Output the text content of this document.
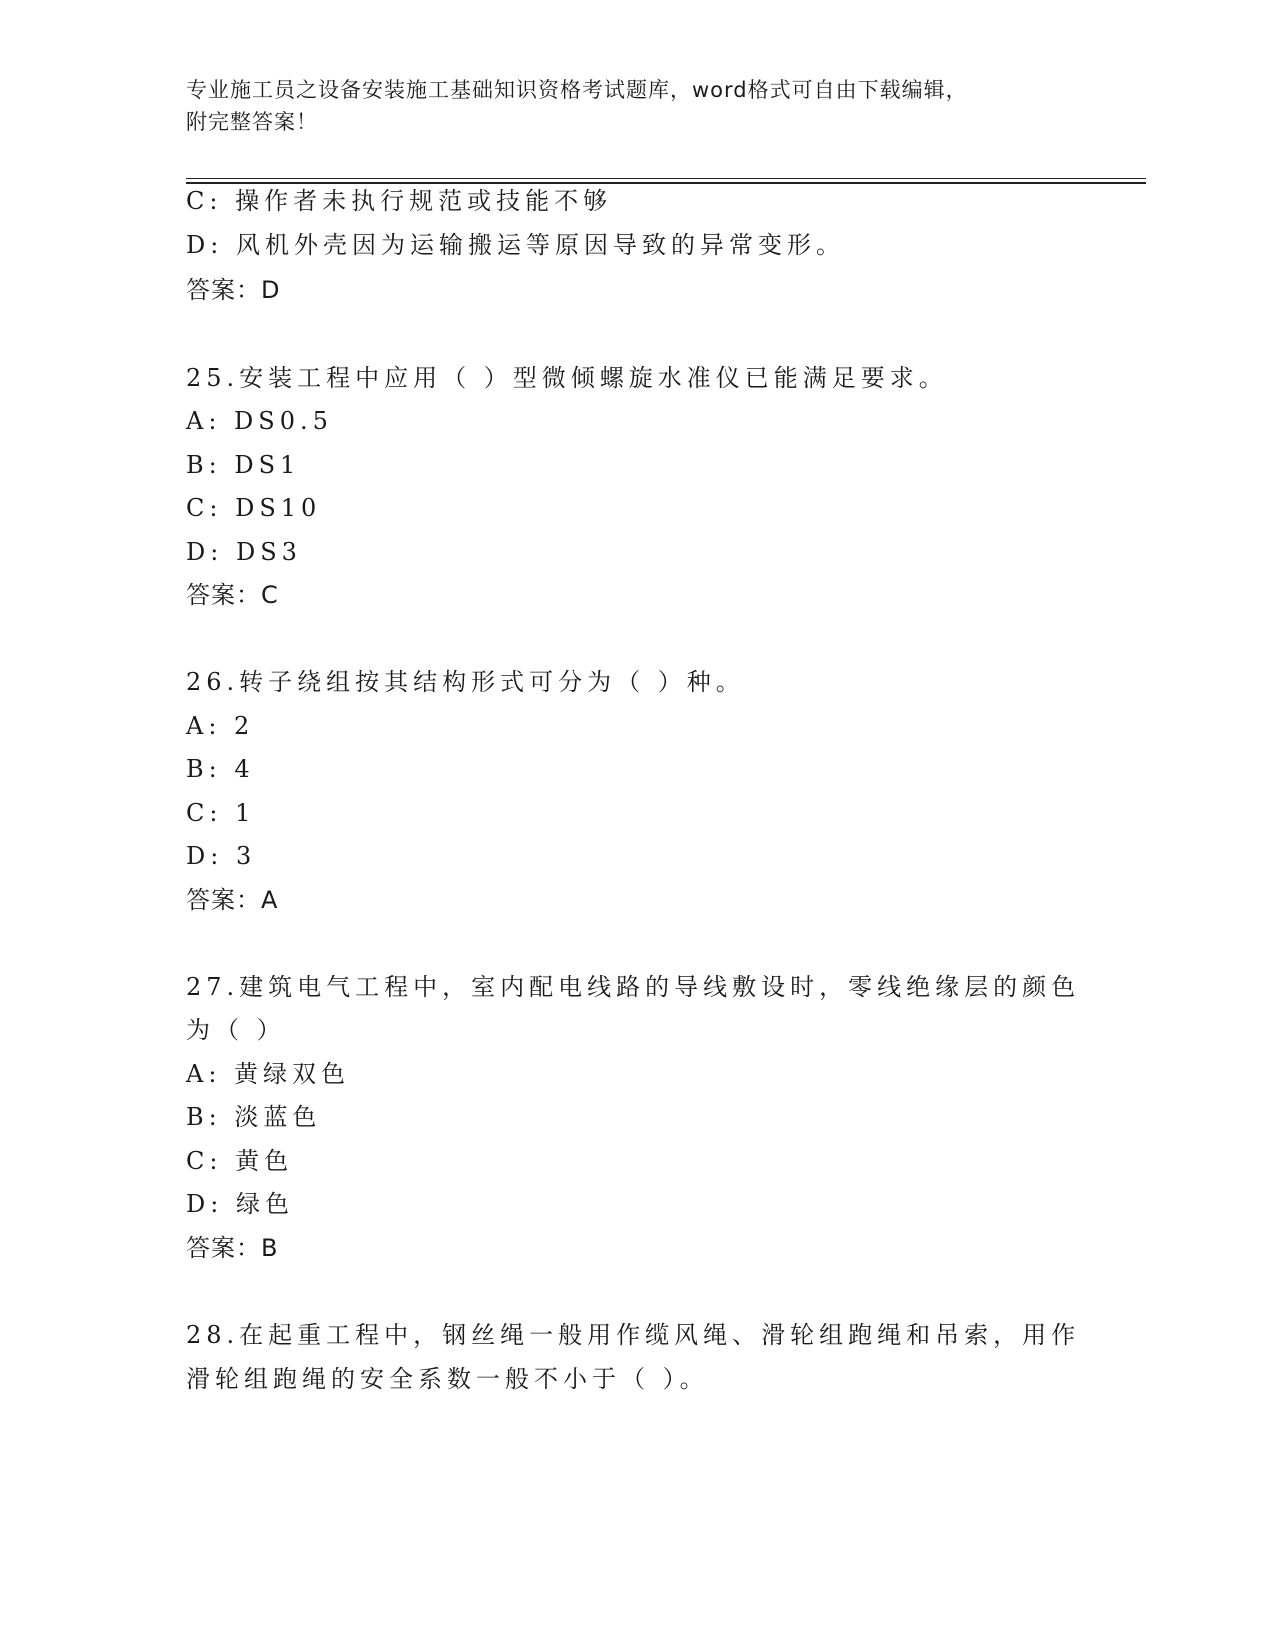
专业施工员之设备安装施工基础知识资格考试题库，word格式可自由下载编辑，
附完整答案！
C: 操作者未执行规范或技能不够
D: 风机外壳因为运输搬运等原因导致的异常变形。
答案：D
25.安装工程中应用（ ）型微倾螺旋水准仪已能满足要求。
A: DS0.5
B: DS1
C: DS10
D: DS3
答案：C
26.转子绕组按其结构形式可分为（ ）种。
A: 2
B: 4
C: 1
D: 3
答案：A
27.建筑电气工程中，室内配电线路的导线敷设时，零线绝缘层的颜色
为（ ）
A: 黄绿双色
B: 淡蓝色
C: 黄色
D: 绿色
答案：B
28.在起重工程中，钢丝绳一般用作缆风绳、滑轮组跑绳和吊索，用作
滑轮组跑绳的安全系数一般不小于（ ）。
